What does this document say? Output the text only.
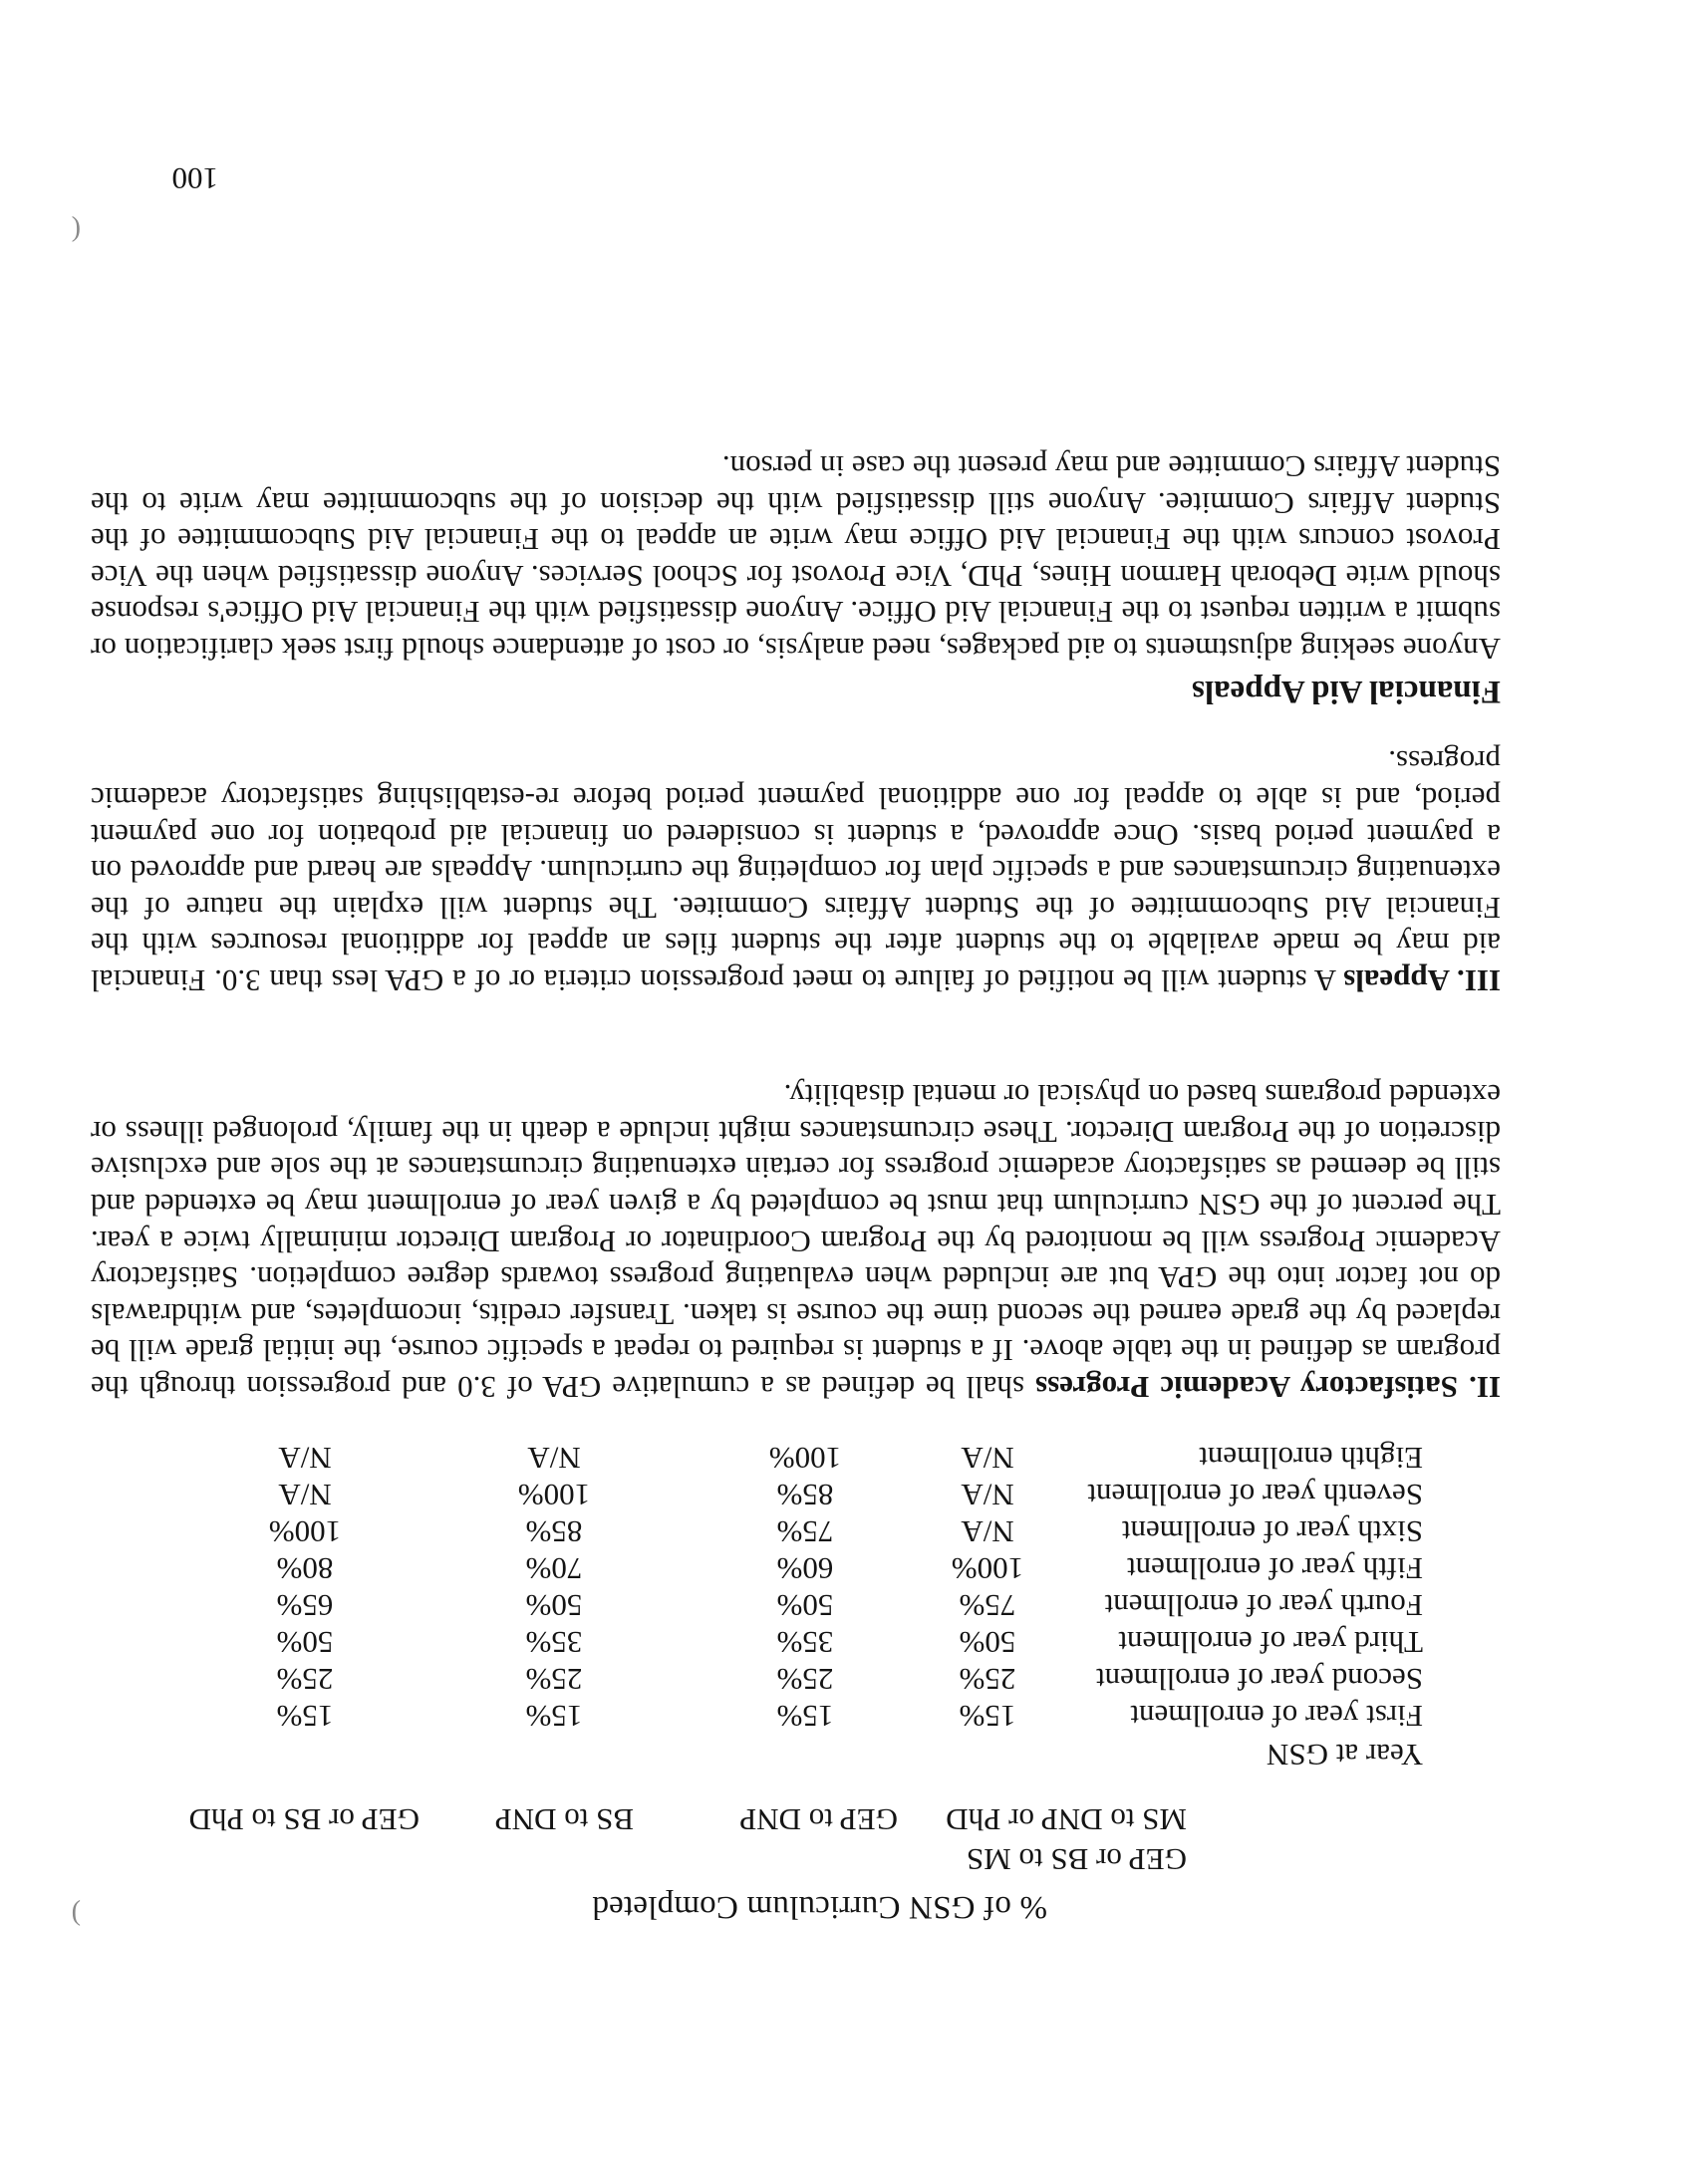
% of GSN Curriculum Completed
GEP or BS to MS
MS to DNP or PhD
GEP to DNP
BS to DNP
GEP or BS to PhD
Year at GSN
First year of enrollment
15%
15%
15%
15%
Second year of enrollment
25%
25%
25%
25%
Third year of enrollment
50%
35%
35%
50%
Fourth year of enrollment
75%
50%
50%
65%
Fifth year of enrollment
100%
60%
70%
80%
Sixth year of enrollment
N/A
75%
85%
100%
Seventh year of enrollment
N/A
85%
100%
N/A
Eighth enrollment
N/A
100%
N/A
N/A
II. Satisfactory Academic Progress shall be defined as a cumulative GPA of 3.0 and progression through the program as defined in the table above. If a student is required to repeat a specific course, the initial grade will be replaced by the grade earned the second time the course is taken. Transfer credits, incompletes, and withdrawals do not factor into the GPA but are included when evaluating progress towards degree completion. Satisfactory Academic Progress will be monitored by the Program Coordinator or Program Director minimally twice a year. The percent of the GSN curriculum that must be completed by a given year of enrollment may be extended and still be deemed as satisfactory academic progress for certain extenuating circumstances at the sole and exclusive discretion of the Program Director. These circumstances might include a death in the family, prolonged illness or extended programs based on physical or mental disability.
III. Appeals A student will be notified of failure to meet progression criteria or of a GPA less than 3.0. Financial aid may be made available to the student after the student files an appeal for additional resources with the Financial Aid Subcommittee of the Student Affairs Commitee. The student will explain the nature of the extenuating circumstances and a specific plan for completing the curriculum. Appeals are heard and approved on a payment period basis. Once approved, a student is considered on financial aid probation for one payment period, and is able to appeal for one additional payment period before re-establishing satisfactory academic progress.
Financial Aid Appeals
Anyone seeking adjustments to aid packages, need analysis, or cost of attendance should first seek clarification or submit a written request to the Financial Aid Office. Anyone dissatisfied with the Financial Aid Office's response should write Deborah Harmon Hines, PhD, Vice Provost for School Services. Anyone dissatisfied when the Vice Provost concurs with the Financial Aid Office may write an appeal to the Financial Aid Subcommittee of the Student Affairs Commitee. Anyone still dissatisfied with the decision of the subcommittee may write to the Student Affairs Committee and may present the case in person.
100
(
)
